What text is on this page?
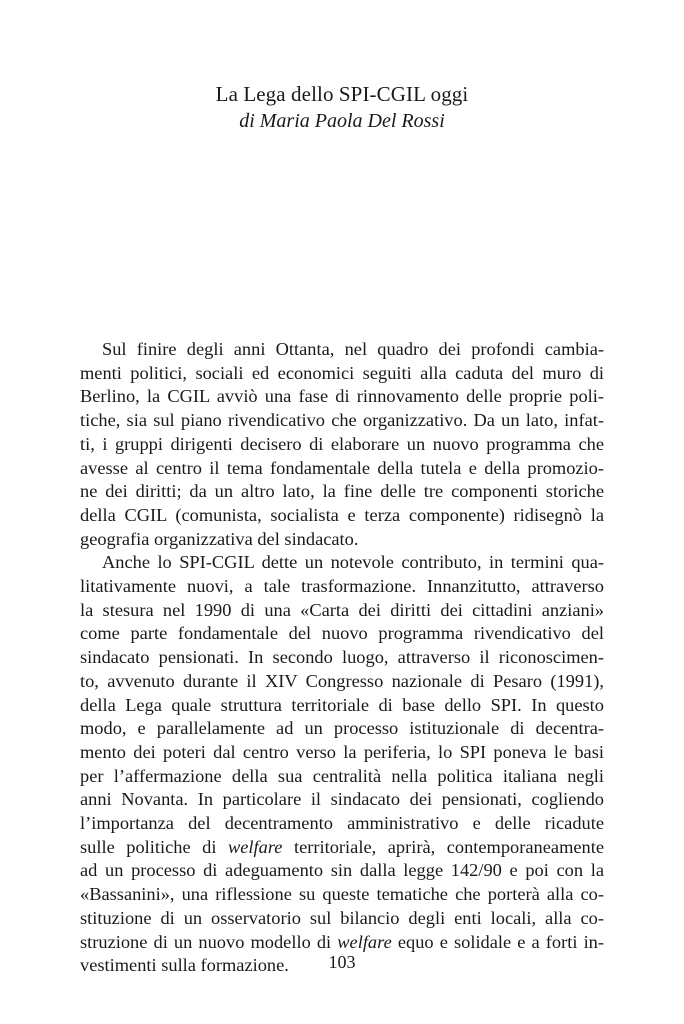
La Lega dello SPI-CGIL oggi
di Maria Paola Del Rossi
Sul finire degli anni Ottanta, nel quadro dei profondi cambia-
menti politici, sociali ed economici seguiti alla caduta del muro di
Berlino, la CGIL avviò una fase di rinnovamento delle proprie poli-
tiche, sia sul piano rivendicativo che organizzativo. Da un lato, infat-
ti, i gruppi dirigenti decisero di elaborare un nuovo programma che
avesse al centro il tema fondamentale della tutela e della promozio-
ne dei diritti; da un altro lato, la fine delle tre componenti storiche
della CGIL (comunista, socialista e terza componente) ridisegnò la
geografia organizzativa del sindacato.
Anche lo SPI-CGIL dette un notevole contributo, in termini qua-
litativamente nuovi, a tale trasformazione. Innanzitutto, attraverso
la stesura nel 1990 di una «Carta dei diritti dei cittadini anziani»
come parte fondamentale del nuovo programma rivendicativo del
sindacato pensionati. In secondo luogo, attraverso il riconoscimen-
to, avvenuto durante il XIV Congresso nazionale di Pesaro (1991),
della Lega quale struttura territoriale di base dello SPI. In questo
modo, e parallelamente ad un processo istituzionale di decentra-
mento dei poteri dal centro verso la periferia, lo SPI poneva le basi
per l’affermazione della sua centralità nella politica italiana negli
anni Novanta. In particolare il sindacato dei pensionati, cogliendo
l’importanza del decentramento amministrativo e delle ricadute
sulle politiche di welfare territoriale, aprirà, contemporaneamente
ad un processo di adeguamento sin dalla legge 142/90 e poi con la
«Bassanini», una riflessione su queste tematiche che porterà alla co-
stituzione di un osservatorio sul bilancio degli enti locali, alla co-
struzione di un nuovo modello di welfare equo e solidale e a forti in-
vestimenti sulla formazione.	103
